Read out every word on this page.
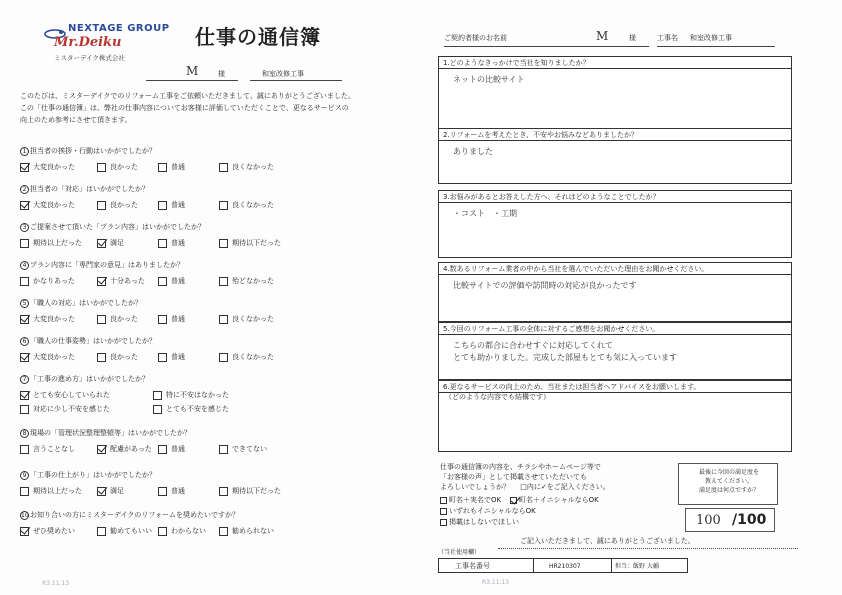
NEXTAGE GROUP
Mr.Deiku
ミスターデイク株式会社
仕事の通信簿
M	様	和室改修工事
このたびは、ミスターデイクでのリフォーム工事をご依頼いただきまして、誠にありがとうございました。
この「仕事の通信簿」は、弊社の仕事内容についてお客様に評価していただくことで、更なるサービスの
向上のため参考にさせて頂きます。
1 担当者の挨拶・行動はいかがでしたか？
大変良かった	良かった	普通	良くなかった
2 担当者の「対応」はいかがでしたか？
大変良かった	良かった	普通	良くなかった
3 ご提案させて頂いた「プラン内容」はいかがでしたか？
期待以上だった	満足	普通	期待以下だった
4 プラン内容に「専門家の意見」はありましたか？
かなりあった	十分あった	普通	殆どなかった
5 「職人の対応」はいかがでしたか？
大変良かった	良かった	普通	良くなかった
6 「職人の仕事姿勢」はいかがでしたか？
大変良かった	良かった	普通	良くなかった
7 「工事の進め方」はいかがでしたか？
とても安心していられた	特に不安はなかった
対応に少し不安を感じた	とても不安を感じた
8 現場の「管理状況整理整頓等」はいかがでしたか？
言うことなし	配慮があった	普通	できてない
9 「工事の仕上がり」はいかがでしたか？
期待以上だった	満足	普通	期待以下だった
10お知り合いの方にミスターデイクのリフォームを奨めたいですか？
ぜひ奨めたい	勧めてもいい	わからない	勧められない
R3.11.13
ご契約者様のお名前	M	様	工事名 和室改修工事
1.どのようなきっかけで当社を知りましたか？
ネットの比較サイト
2.リフォームを考えたとき、不安やお悩みなどありましたか？
ありました
3.お悩みがあるとお答えした方へ、それはどのようなことでしたか？
・コスト　・工期
4.数あるリフォーム業者の中から当社を選んでいただいた理由をお聞かせください。
比較サイトでの評価や訪問時の対応が良かったです
5.今回のリフォーム工事の全体に対するご感想をお聞かせください。
こちらの都合に合わせすぐに対応してくれて
とても助かりました。完成した部屋もとても気に入っています
6.更なるサービスの向上のため、当社または担当者へアドバイスをお願いします。
（どのような内容でも結構です）
仕事の通信簿の内容を、チラシやホームページ等で
「お客様の声」として掲載させていただいても
よろしいでしょうか？ □内に✓をご記入ください。
町名＋実名でOK	町名＋イニシャルならOK
いずれもイニシャルならOK
掲載はしないでほしい
最後に今回の満足度を
教えてください。
満足度は何点ですか？
100 /100
ご記入いただきまして、誠にありがとうございました。
（当社使用欄）
工事名番号	HR210307	担当：飯野 大輔
R3.11.13
